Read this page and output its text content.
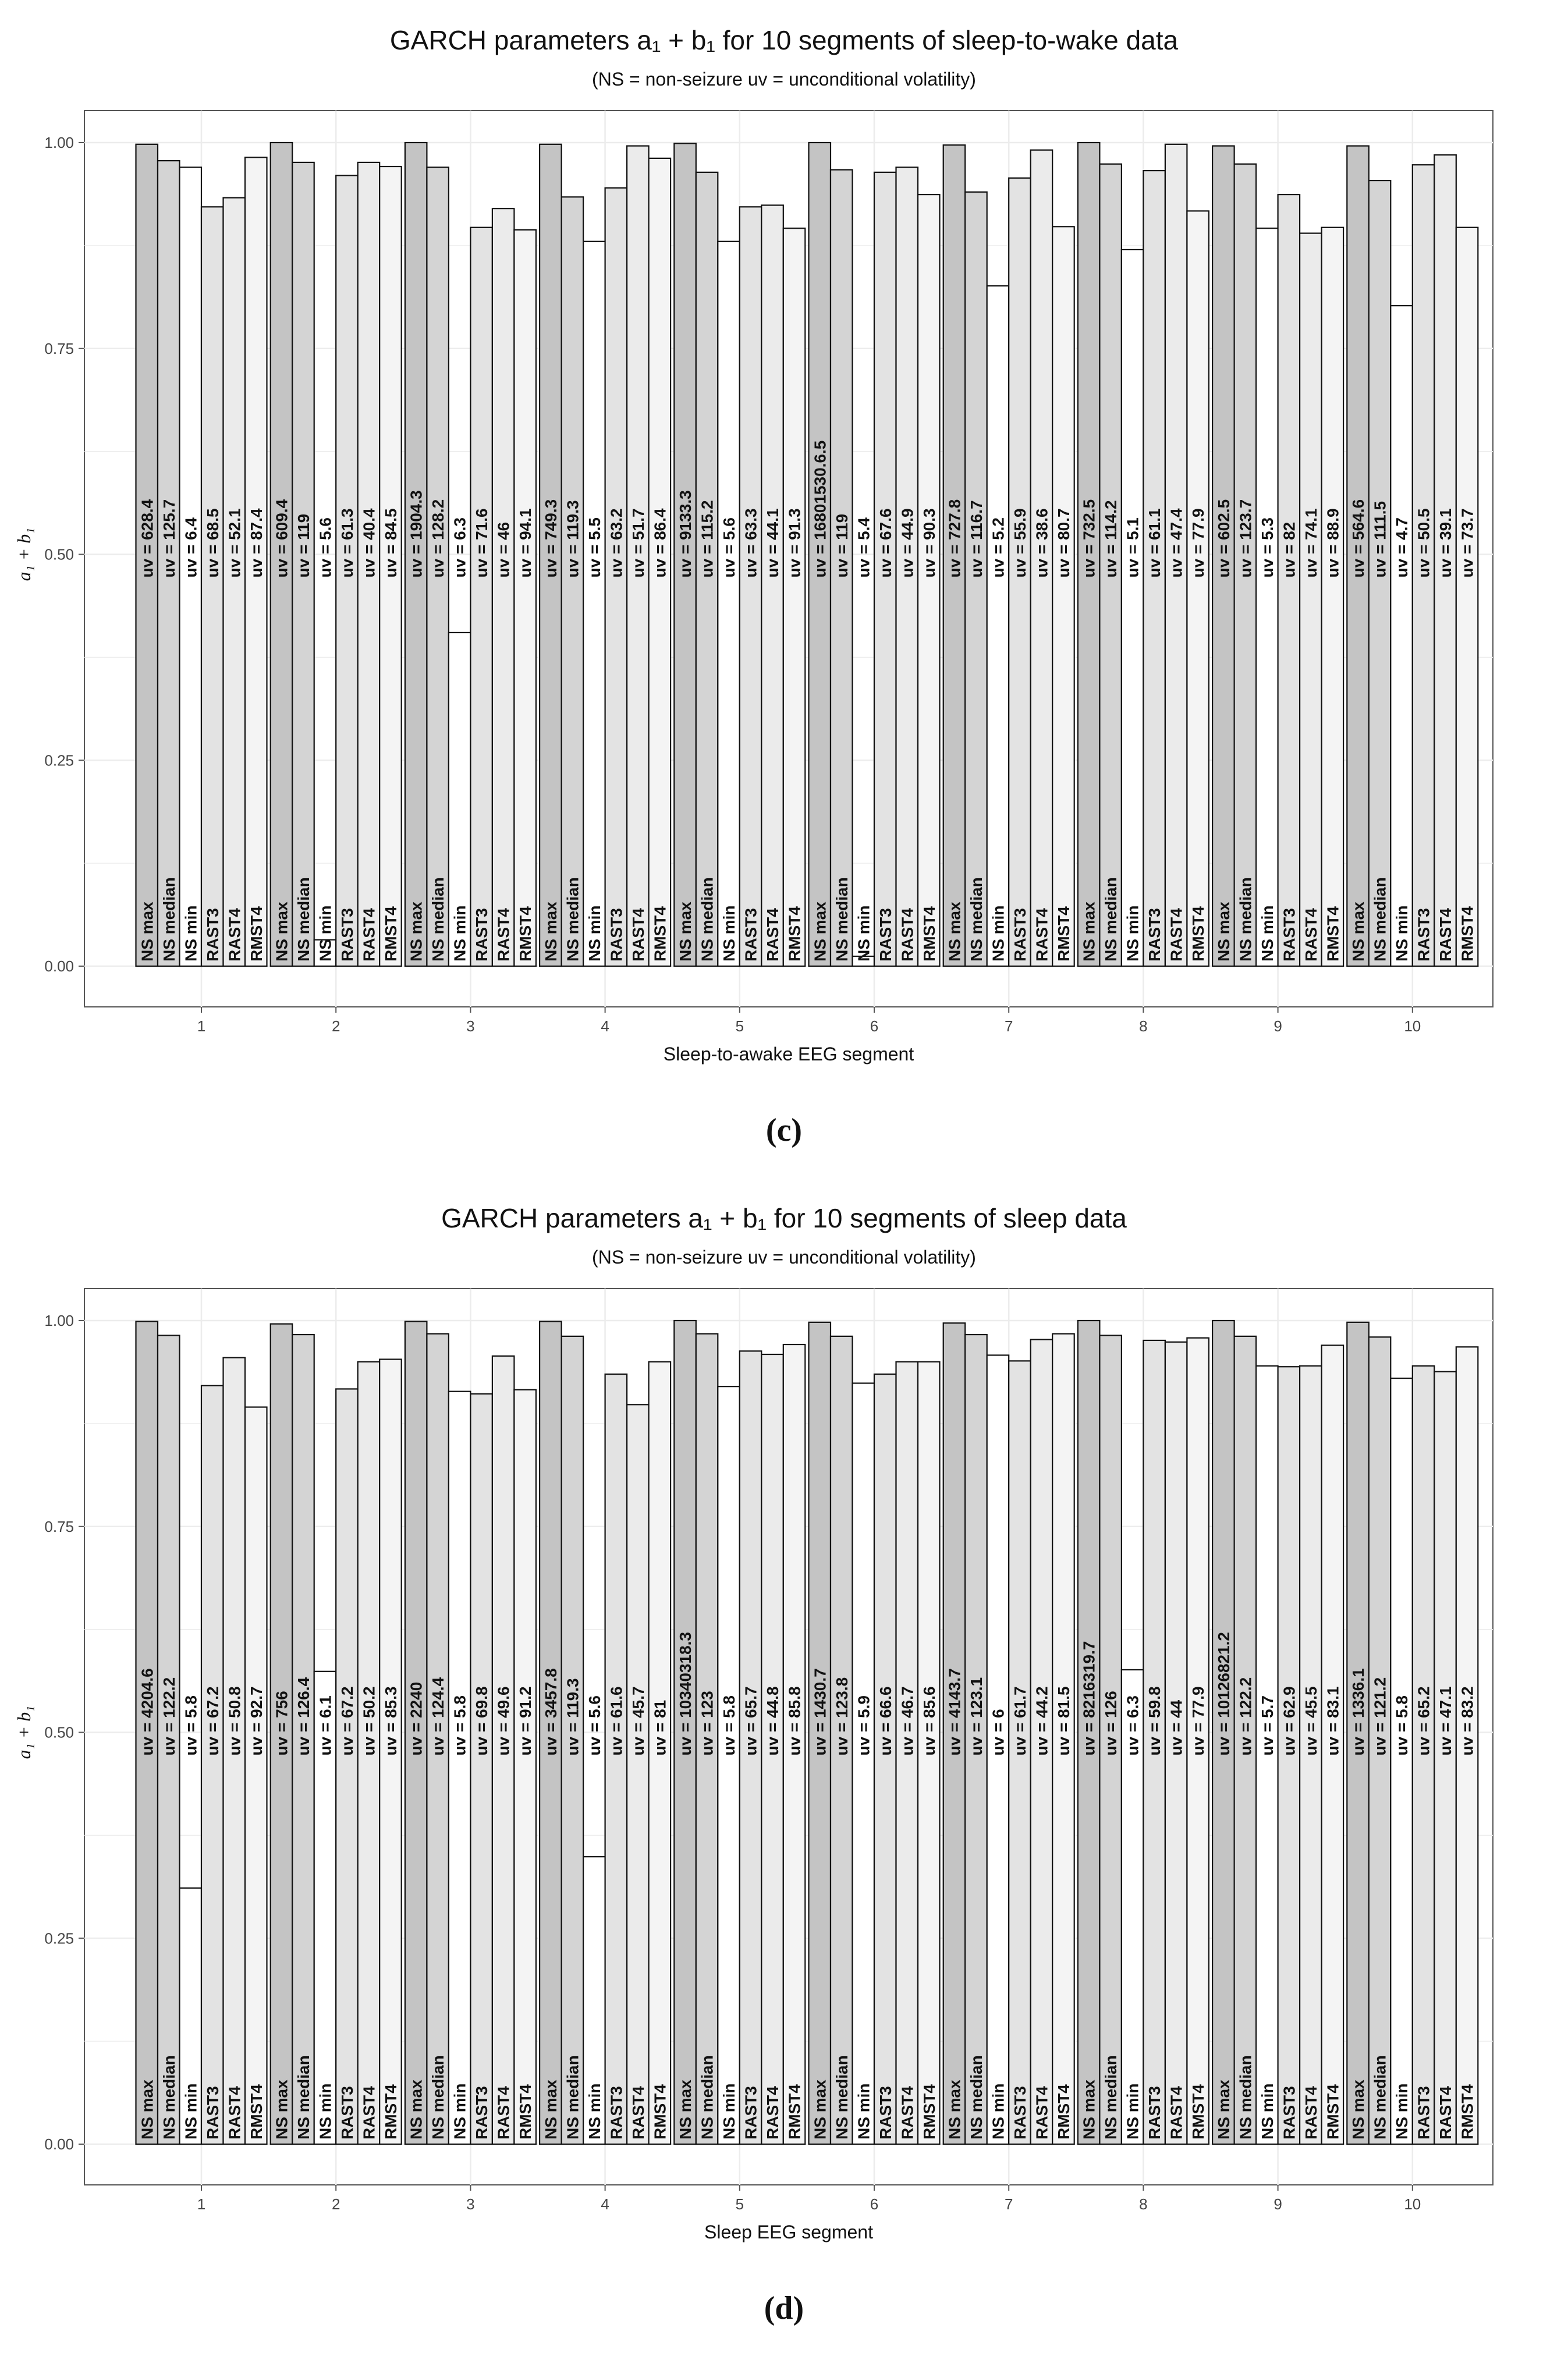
GARCH parameters a₁ + b₁ for 10 segments of sleep-to-wake data
(NS = non-seizure uv = unconditional volatility)
0.00
0.25
0.50
0.75
1.00
NS max
uv = 628.4
NS median
uv = 125.7
NS min
uv = 6.4
RAST3
uv = 68.5
RAST4
uv = 52.1
RMST4
uv = 87.4
1
NS max
uv = 609.4
NS median
uv = 119
NS min
uv = 5.6
RAST3
uv = 61.3
RAST4
uv = 40.4
RMST4
uv = 84.5
2
NS max
uv = 1904.3
NS median
uv = 128.2
NS min
uv = 6.3
RAST3
uv = 71.6
RAST4
uv = 46
RMST4
uv = 94.1
3
NS max
uv = 749.3
NS median
uv = 119.3
NS min
uv = 5.5
RAST3
uv = 63.2
RAST4
uv = 51.7
RMST4
uv = 86.4
4
NS max
uv = 9133.3
NS median
uv = 115.2
NS min
uv = 5.6
RAST3
uv = 63.3
RAST4
uv = 44.1
RMST4
uv = 91.3
5
NS max
uv = 16801530.6.5
NS median
uv = 119
NS min
uv = 5.4
RAST3
uv = 67.6
RAST4
uv = 44.9
RMST4
uv = 90.3
6
NS max
uv = 727.8
NS median
uv = 116.7
NS min
uv = 5.2
RAST3
uv = 55.9
RAST4
uv = 38.6
RMST4
uv = 80.7
7
NS max
uv = 732.5
NS median
uv = 114.2
NS min
uv = 5.1
RAST3
uv = 61.1
RAST4
uv = 47.4
RMST4
uv = 77.9
8
NS max
uv = 602.5
NS median
uv = 123.7
NS min
uv = 5.3
RAST3
uv = 82
RAST4
uv = 74.1
RMST4
uv = 88.9
9
NS max
uv = 564.6
NS median
uv = 111.5
NS min
uv = 4.7
RAST3
uv = 50.5
RAST4
uv = 39.1
RMST4
uv = 73.7
10
Sleep-to-awake EEG segment
a₁ + b₁
(c)
GARCH parameters a₁ + b₁ for 10 segments of sleep data
(NS = non-seizure uv = unconditional volatility)
0.00
0.25
0.50
0.75
1.00
NS max
uv = 4204.6
NS median
uv = 122.2
NS min
uv = 5.8
RAST3
uv = 67.2
RAST4
uv = 50.8
RMST4
uv = 92.7
1
NS max
uv = 756
NS median
uv = 126.4
NS min
uv = 6.1
RAST3
uv = 67.2
RAST4
uv = 50.2
RMST4
uv = 85.3
2
NS max
uv = 2240
NS median
uv = 124.4
NS min
uv = 5.8
RAST3
uv = 69.8
RAST4
uv = 49.6
RMST4
uv = 91.2
3
NS max
uv = 3457.8
NS median
uv = 119.3
NS min
uv = 5.6
RAST3
uv = 61.6
RAST4
uv = 45.7
RMST4
uv = 81
4
NS max
uv = 10340318.3
NS median
uv = 123
NS min
uv = 5.8
RAST3
uv = 65.7
RAST4
uv = 44.8
RMST4
uv = 85.8
5
NS max
uv = 1430.7
NS median
uv = 123.8
NS min
uv = 5.9
RAST3
uv = 66.6
RAST4
uv = 46.7
RMST4
uv = 85.6
6
NS max
uv = 4143.7
NS median
uv = 123.1
NS min
uv = 6
RAST3
uv = 61.7
RAST4
uv = 44.2
RMST4
uv = 81.5
7
NS max
uv = 8216319.7
NS median
uv = 126
NS min
uv = 6.3
RAST3
uv = 59.8
RAST4
uv = 44
RMST4
uv = 77.9
8
NS max
uv = 10126821.2
NS median
uv = 122.2
NS min
uv = 5.7
RAST3
uv = 62.9
RAST4
uv = 45.5
RMST4
uv = 83.1
9
NS max
uv = 1336.1
NS median
uv = 121.2
NS min
uv = 5.8
RAST3
uv = 65.2
RAST4
uv = 47.1
RMST4
uv = 83.2
10
Sleep EEG segment
a₁ + b₁
(d)
